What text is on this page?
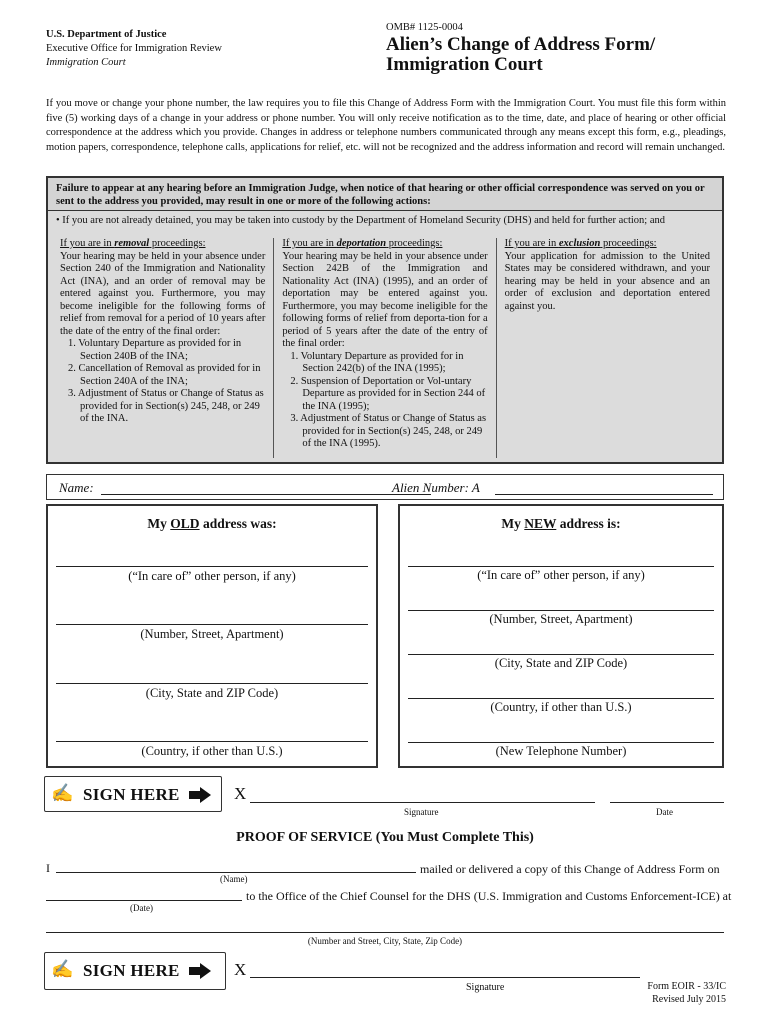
U.S. Department of Justice
Executive Office for Immigration Review
Immigration Court
OMB# 1125-0004
Alien’s Change of Address Form/
Immigration Court
If you move or change your phone number, the law requires you to file this Change of Address Form with the Immigration Court. You must file this form within five (5) working days of a change in your address or phone number. You will only receive notification as to the time, date, and place of hearing or other official correspondence at the address which you provide. Changes in address or telephone numbers communicated through any means except this form, e.g., pleadings, motion papers, correspondence, telephone calls, applications for relief, etc. will not be recognized and the address information and record will remain unchanged.
Failure to appear at any hearing before an Immigration Judge, when notice of that hearing or other official correspondence was served on you or sent to the address you provided, may result in one or more of the following actions:
• If you are not already detained, you may be taken into custody by the Department of Homeland Security (DHS) and held for further action; and
If you are in removal proceedings:
Your hearing may be held in your absence under Section 240 of the Immigration and Nationality Act (INA), and an order of removal may be entered against you. Furthermore, you may become ineligible for the following forms of relief from removal for a period of 10 years after the date of the entry of the final order:
1. Voluntary Departure as provided for in Section 240B of the INA;
2. Cancellation of Removal as provided for in Section 240A of the INA;
3. Adjustment of Status or Change of Status as provided for in Section(s) 245, 248, or 249 of the INA.
If you are in deportation proceedings:
Your hearing may be held in your absence under Section 242B of the Immigration and Nationality Act (INA) (1995), and an order of deportation may be entered against you. Furthermore, you may become ineligible for the following forms of relief from deporta-tion for a period of 5 years after the date of the entry of the final order:
1. Voluntary Departure as provided for in Section 242(b) of the INA (1995);
2. Suspension of Deportation or Vol-untary Departure as provided for in Section 244 of the INA (1995);
3. Adjustment of Status or Change of Status as provided for in Section(s) 245, 248, or 249 of the INA (1995).
If you are in exclusion proceedings:
Your application for admission to the United States may be considered withdrawn, and your hearing may be held in your absence and an order of exclusion and deportation entered against you.
Name:	Alien Number: A
My OLD address was:
(“In care of” other person, if any)
(Number, Street, Apartment)
(City, State and ZIP Code)
(Country, if other than U.S.)
My NEW address is:
(“In care of” other person, if any)
(Number, Street, Apartment)
(City, State and ZIP Code)
(Country, if other than U.S.)
(New Telephone Number)
✍ SIGN HERE	X
Signature	Date
PROOF OF SERVICE (You Must Complete This)
I	mailed or delivered a copy of this Change of Address Form on
(Name)
to the Office of the Chief Counsel for the DHS (U.S. Immigration and Customs Enforcement-ICE) at
(Date)
(Number and Street, City, State, Zip Code)
✍ SIGN HERE	X
Signature	Form EOIR - 33/IC
Revised July 2015
